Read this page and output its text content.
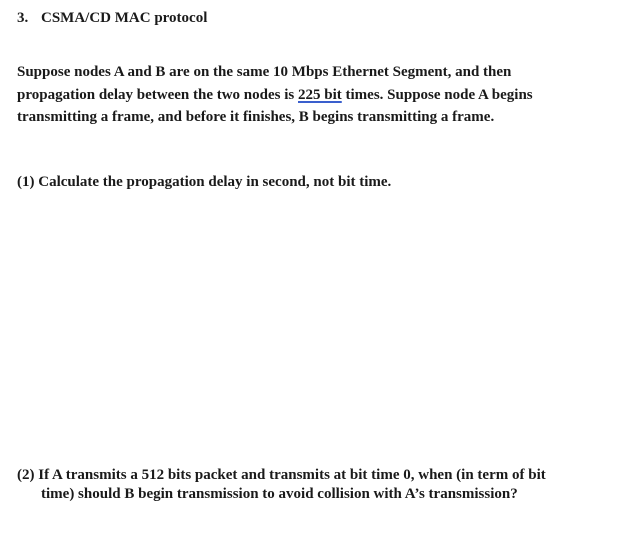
3. CSMA/CD MAC protocol
Suppose nodes A and B are on the same 10 Mbps Ethernet Segment, and then
propagation delay between the two nodes is 225 bit times. Suppose node A begins
transmitting a frame, and before it finishes, B begins transmitting a frame.
(1) Calculate the propagation delay in second, not bit time.
(2) If A transmits a 512 bits packet and transmits at bit time 0, when (in term of bit
time) should B begin transmission to avoid collision with A’s transmission?
